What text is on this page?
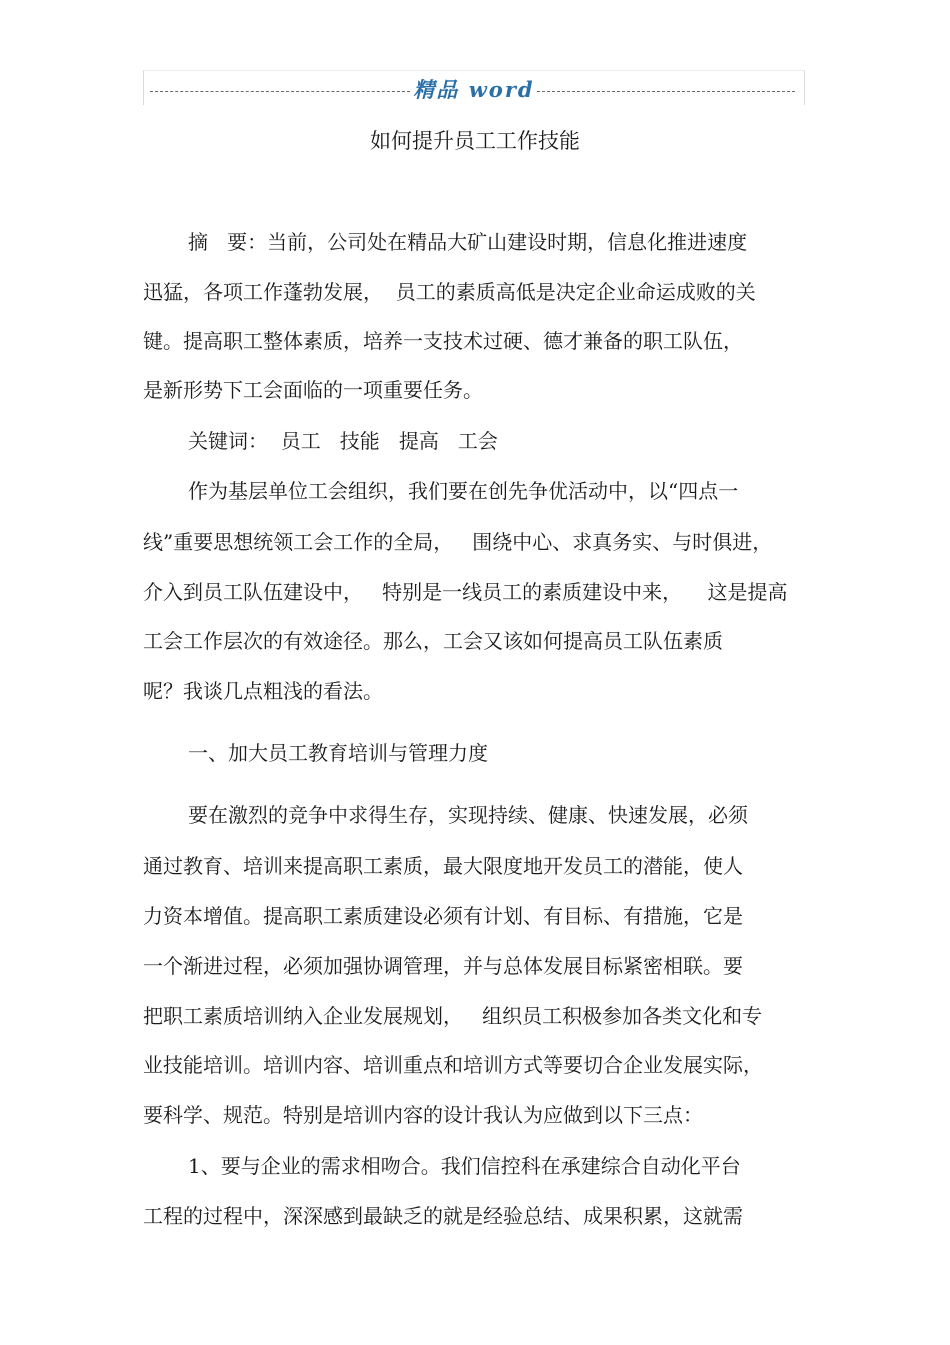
精品 word
如何提升员工工作技能
摘   要：当前，公司处在精品大矿山建设时期，信息化推进速度
迅猛，各项工作蓬勃发展，  员工的素质高低是决定企业命运成败的关
键。提高职工整体素质，培养一支技术过硬、德才兼备的职工队伍，
是新形势下工会面临的一项重要任务。
关键词：  员工   技能   提高   工会
作为基层单位工会组织，我们要在创先争优活动中，以“四点一
线”重要思想统领工会工作的全局，   围绕中心、求真务实、与时俱进，
介入到员工队伍建设中，   特别是一线员工的素质建设中来，    这是提高
工会工作层次的有效途径。那么，工会又该如何提高员工队伍素质
呢？我谈几点粗浅的看法。
一、加大员工教育培训与管理力度
要在激烈的竞争中求得生存，实现持续、健康、快速发展，必须
通过教育、培训来提高职工素质，最大限度地开发员工的潜能，使人
力资本增值。提高职工素质建设必须有计划、有目标、有措施，它是
一个渐进过程，必须加强协调管理，并与总体发展目标紧密相联。要
把职工素质培训纳入企业发展规划，   组织员工积极参加各类文化和专
业技能培训。培训内容、培训重点和培训方式等要切合企业发展实际，
要科学、规范。特别是培训内容的设计我认为应做到以下三点：
1、要与企业的需求相吻合。我们信控科在承建综合自动化平台
工程的过程中，深深感到最缺乏的就是经验总结、成果积累，这就需
